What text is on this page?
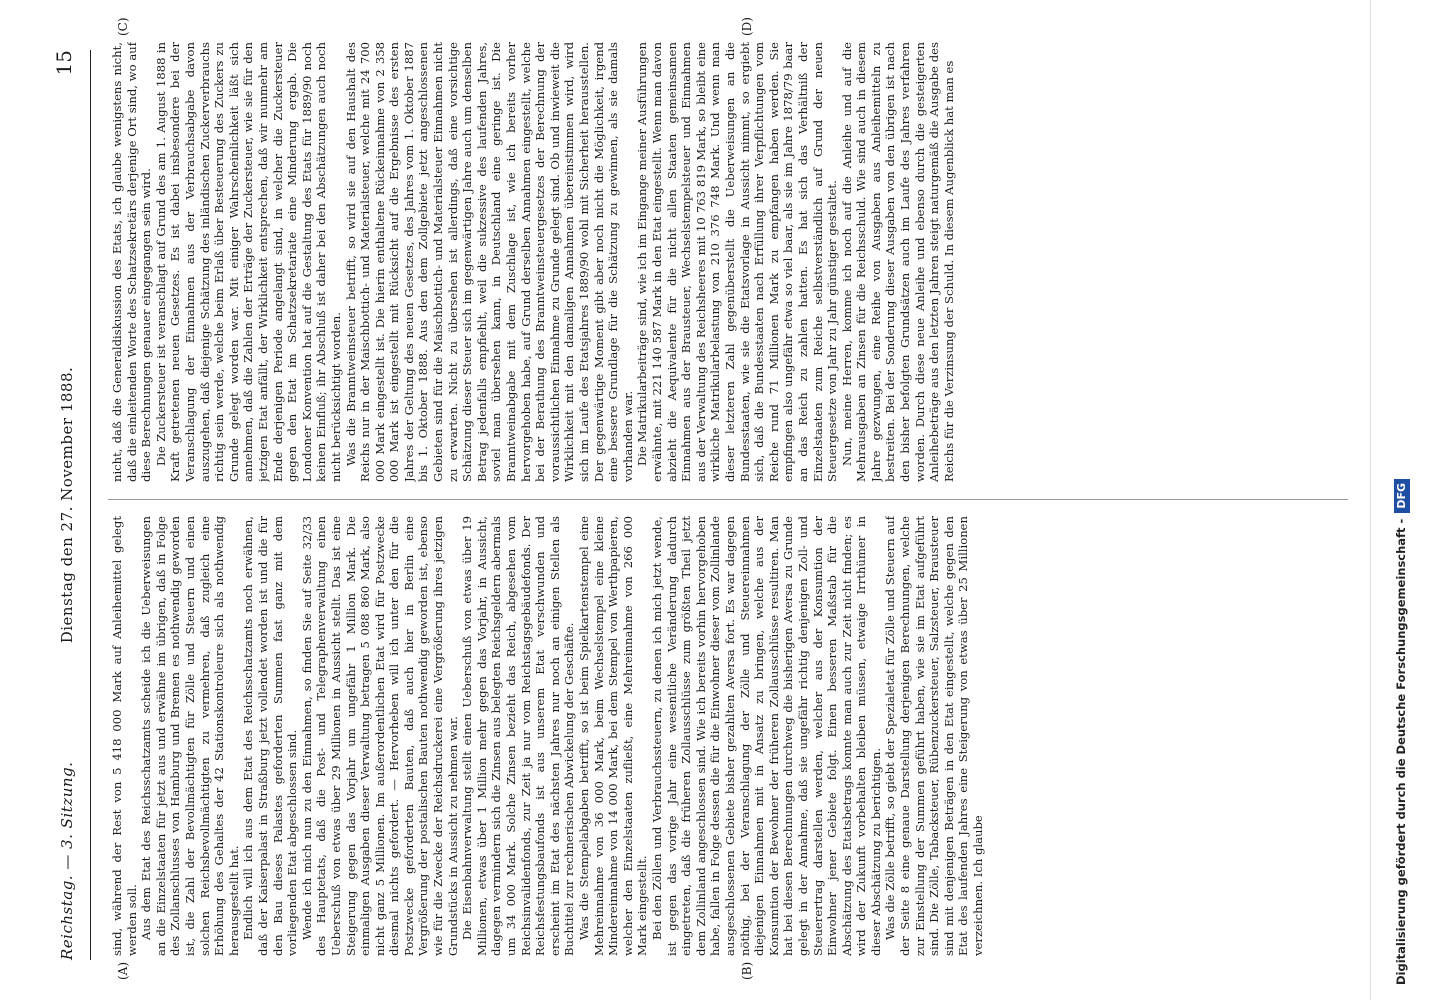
Reichstag. — 3. Sitzung.
Dienstag den 27. November 1888.
15
(A)	(B)
(C)	(D)

sind, während der Rest von 5 418 000 Mark auf Anleihemittel gelegt werden soll. Aus dem Etat des Reichsschatzamts scheide ich die Ueberweisungen an die Einzelstaaten für jetzt aus und erwähne im übrigen, daß in Folge des Zollanschlusses von Hamburg und Bremen es nothwendig geworden ist, die Zahl der Bevollmächtigten für Zölle und Steuern und einen solchen Reichsbevollmächtigten zu vermehren, daß zugleich eine Erhöhung des Gehaltes der 42 Stationskontroleure sich als nothwendig herausgestellt hat. Endlich will ich aus dem Etat des Reichsschatzamts noch erwähnen, daß der Kaiserpalast in Straßburg jetzt vollendet worden ist und die für den Bau dieses Palastes geforderten Summen fast ganz mit dem vorliegenden Etat abgeschlossen sind. Wende ich mich nun zu den Einnahmen, so finden Sie auf Seite 32/33 des Hauptetats, daß die Post- und Telegraphenverwaltung einen Ueberschuß von etwas über 29 Millionen in Aussicht stellt. Das ist eine Steigerung gegen das Vorjahr um ungefähr 1 Million Mark. Die einmaligen Ausgaben dieser Verwaltung betragen 5 088 860 Mark, also nicht ganz 5 Millionen. Im außerordentlichen Etat wird für Postzwecke diesmal nichts gefordert. — Hervorheben will ich unter den für die Postzwecke geforderten Bauten, daß auch hier in Berlin eine Vergrößerung der postalischen Bauten nothwendig geworden ist, ebenso wie für die Zwecke der Reichsdruckerei eine Vergrößerung ihres jetzigen Grundstücks in Aussicht zu nehmen war. Die Eisenbahnverwaltung stellt einen Ueberschuß von etwas über 19 Millionen, etwas über 1 Million mehr gegen das Vorjahr, in Aussicht, dagegen vermindern sich die Zinsen aus belegten Reichsgeldern abermals um 34 000 Mark. Solche Zinsen bezieht das Reich, abgesehen vom Reichsinvalidenfonds, zur Zeit ja nur vom Reichstagsgebäudefonds. Der Reichsfestungsbaufonds ist aus unserem Etat verschwunden und erscheint im Etat des nächsten Jahres nur noch an einigen Stellen als Buchtitel zur rechnerischen Abwickelung der Geschäfte. Was die Stempelabgaben betrifft, so ist beim Spielkartenstempel eine Mehreinnahme von 36 000 Mark, beim Wechselstempel eine kleine Mindereinnahme von 14 000 Mark, bei dem Stempel von Werthpapieren, welcher den Einzelstaaten zufließt, eine Mehreinnahme von 266 000 Mark eingestellt. Bei den Zöllen und Verbrauchssteuern, zu denen ich mich jetzt wende, ist gegen das vorige Jahr eine wesentliche Veränderung dadurch eingetreten, daß die früheren Zollausschlüsse zum größten Theil jetzt dem Zollinland angeschlossen sind. Wie ich bereits vorhin hervorgehoben habe, fallen in Folge dessen die für die Einwohner dieser vom Zollinlande ausgeschlossenen Gebiete bisher gezahlten Aversa fort. Es war dagegen nöthig, bei der Veranschlagung der Zölle und Steuereinnahmen diejenigen Einnahmen mit in Ansatz zu bringen, welche aus der Konsumtion der Bewohner der früheren Zollausschlüsse resultiren. Man hat bei diesen Berechnungen durchweg die bisherigen Aversa zu Grunde gelegt in der Annahme, daß sie ungefähr richtig denjenigen Zoll- und Steuerertrag darstellen werden, welcher aus der Konsumtion der Einwohner jener Gebiete folgt. Einen besseren Maßstab für die Abschätzung des Etatsbetrags konnte man auch zur Zeit nicht finden; es wird der Zukunft vorbehalten bleiben müssen, etwaige Irrthümer in dieser Abschätzung zu berichtigen. Was die Zölle betrifft, so giebt der Spezialetat für Zölle und Steuern auf der Seite 8 eine genaue Darstellung derjenigen Berechnungen, welche zur Einstellung der Summen geführt haben, wie sie im Etat aufgeführt sind. Die Zölle, Tabacksteuer, Rübenzuckersteuer, Salzsteuer, Brausteuer sind mit denjenigen Beträgen in den Etat eingestellt, welche gegen den Etat des laufenden Jahres eine Steigerung von etwas über 25 Millionen verzeichnen. Ich glaube

nicht, daß die Generaldiskussion des Etats, ich glaube wenigstens nicht, daß die einleitenden Worte des Schatzsekretärs derjenige Ort sind, wo auf diese Berechnungen genauer eingegangen sein wird. Die Zuckersteuer ist veranschlagt auf Grund des am 1. August 1888 in Kraft getretenen neuen Gesetzes. Es ist dabei insbesondere bei der Veranschlagung der Einnahmen aus der Verbrauchsabgabe davon auszugehen, daß diejenige Schätzung des inländischen Zuckerverbrauchs richtig sein werde, welche beim Erlaß über Besteuerung des Zuckers zu Grunde gelegt worden war. Mit einiger Wahrscheinlichkeit läßt sich annehmen, daß die Zahlen der Erträge der Zuckersteuer, wie sie für den jetzigen Etat anfällt, der Wirklichkeit entsprechen, daß wir nunmehr am Ende derjenigen Periode angelangt sind, in welcher die Zuckersteuer gegen den Etat im Schatzsekretariate eine Minderung ergab. Die Londoner Konvention hat auf die Gestaltung des Etats für 1889/90 noch keinen Einfluß; ihr Abschluß ist daher bei den Abschätzungen auch noch nicht berücksichtigt worden. Was die Branntweinsteuer betrifft, so wird sie auf den Haushalt des Reichs nur in der Maischbottich- und Materialsteuer, welche mit 24 700 000 Mark eingestellt ist. Die hierin enthaltene Rückeinnahme von 2 358 000 Mark ist eingestellt mit Rücksicht auf die Ergebnisse des ersten Jahres der Geltung des neuen Gesetzes, des Jahres vom 1. Oktober 1887 bis 1. Oktober 1888. Aus den dem Zollgebiete jetzt angeschlossenen Gebieten sind für die Maischbottich- und Materialsteuer Einnahmen nicht zu erwarten. Nicht zu übersehen ist allerdings, daß eine vorsichtige Schätzung dieser Steuer sich im gegenwärtigen Jahre auch um denselben Betrag jedenfalls empfiehlt, weil die sukzessive des laufenden Jahres, soviel man übersehen kann, in Deutschland eine geringe ist. Die Branntweinabgabe mit dem Zuschlage ist, wie ich bereits vorher hervorgehoben habe, auf Grund derselben Annahmen eingestellt, welche bei der Berathung des Branntweinsteuergesetzes der Berechnung der voraussichtlichen Einnahme zu Grunde gelegt sind. Ob und inwieweit die Wirklichkeit mit den damaligen Annahmen übereinstimmen wird, wird sich im Laufe des Etatsjahres 1889/90 wohl mit Sicherheit herausstellen. Der gegenwärtige Moment gibt aber noch nicht die Möglichkeit, irgend eine bessere Grundlage für die Schätzung zu gewinnen, als sie damals vorhanden war. Die Matrikularbeiträge sind, wie ich im Eingange meiner Ausführungen erwähnte, mit 221 140 587 Mark in den Etat eingestellt. Wenn man davon abzieht die Aequivalente für die nicht allen Staaten gemeinsamen Einnahmen aus der Brausteuer, Wechselstempelsteuer und Einnahmen aus der Verwaltung des Reichsheeres mit 10 763 819 Mark, so bleibt eine wirkliche Matrikularbelastung von 210 376 748 Mark. Und wenn man dieser letzteren Zahl gegenüberstellt die Ueberweisungen an die Bundesstaaten, wie sie die Etatsvorlage in Aussicht nimmt, so ergiebt sich, daß die Bundesstaaten nach Erfüllung ihrer Verpflichtungen vom Reiche rund 71 Millionen Mark zu empfangen haben werden. Sie empfingen also ungefähr etwa so viel baar, als sie im Jahre 1878/79 baar an das Reich zu zahlen hatten. Es hat sich das Verhältniß der Einzelstaaten zum Reiche selbstverständlich auf Grund der neuen Steuergesetze von Jahr zu Jahr günstiger gestaltet. Nun, meine Herren, komme ich noch auf die Anleihe und auf die Mehrausgaben an Zinsen für die Reichsschuld. Wie sind auch in diesem Jahre gezwungen, eine Reihe von Ausgaben aus Anleihemitteln zu bestreiten. Bei der Sonderung dieser Ausgaben von den übrigen ist nach den bisher befolgten Grundsätzen auch im Laufe des Jahres verfahren worden. Durch diese neue Anleihe und ebenso durch die gesteigerten Anleihebeträge aus den letzten Jahren steigt naturgemäß die Ausgabe des Reichs für die Verzinsung der Schuld. In diesem Augenblick hat man es

Digitalisierung gefördert durch die Deutsche Forschungsgemeinschaft -DFG
